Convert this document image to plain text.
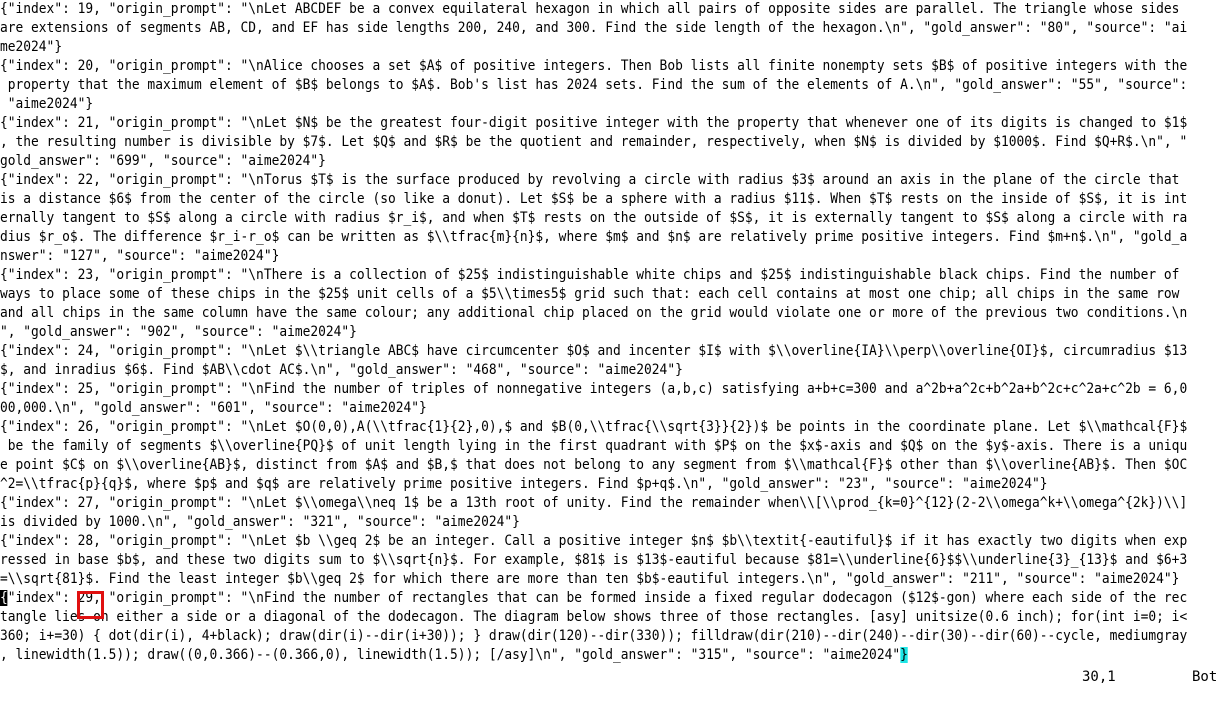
{"index": 19, "origin_prompt": "\nLet ABCDEF be a convex equilateral hexagon in which all pairs of opposite sides are parallel. The triangle whose sides
are extensions of segments AB, CD, and EF has side lengths 200, 240, and 300. Find the side length of the hexagon.\n", "gold_answer": "80", "source": "ai
me2024"}
{"index": 20, "origin_prompt": "\nAlice chooses a set $A$ of positive integers. Then Bob lists all finite nonempty sets $B$ of positive integers with the
property that the maximum element of $B$ belongs to $A$. Bob's list has 2024 sets. Find the sum of the elements of A.\n", "gold_answer": "55", "source":
"aime2024"}
{"index": 21, "origin_prompt": "\nLet $N$ be the greatest four-digit positive integer with the property that whenever one of its digits is changed to $1$
, the resulting number is divisible by $7$. Let $Q$ and $R$ be the quotient and remainder, respectively, when $N$ is divided by $1000$. Find $Q+R$.\n", "
gold_answer": "699", "source": "aime2024"}
{"index": 22, "origin_prompt": "\nTorus $T$ is the surface produced by revolving a circle with radius $3$ around an axis in the plane of the circle that
is a distance $6$ from the center of the circle (so like a donut). Let $S$ be a sphere with a radius $11$. When $T$ rests on the inside of $S$, it is int
ernally tangent to $S$ along a circle with radius $r_i$, and when $T$ rests on the outside of $S$, it is externally tangent to $S$ along a circle with ra
dius $r_o$. The difference $r_i-r_o$ can be written as $\\tfrac{m}{n}$, where $m$ and $n$ are relatively prime positive integers. Find $m+n$.\n", "gold_a
nswer": "127", "source": "aime2024"}
{"index": 23, "origin_prompt": "\nThere is a collection of $25$ indistinguishable white chips and $25$ indistinguishable black chips. Find the number of
ways to place some of these chips in the $25$ unit cells of a $5\\times5$ grid such that: each cell contains at most one chip; all chips in the same row
and all chips in the same column have the same colour; any additional chip placed on the grid would violate one or more of the previous two conditions.\n
", "gold_answer": "902", "source": "aime2024"}
{"index": 24, "origin_prompt": "\nLet $\\triangle ABC$ have circumcenter $O$ and incenter $I$ with $\\overline{IA}\\perp\\overline{OI}$, circumradius $13
$, and inradius $6$. Find $AB\\cdot AC$.\n", "gold_answer": "468", "source": "aime2024"}
{"index": 25, "origin_prompt": "\nFind the number of triples of nonnegative integers (a,b,c) satisfying a+b+c=300 and a^2b+a^2c+b^2a+b^2c+c^2a+c^2b = 6,0
00,000.\n", "gold_answer": "601", "source": "aime2024"}
{"index": 26, "origin_prompt": "\nLet $O(0,0),A(\\tfrac{1}{2},0),$ and $B(0,\\tfrac{\\sqrt{3}}{2})$ be points in the coordinate plane. Let $\\mathcal{F}$
be the family of segments $\\overline{PQ}$ of unit length lying in the first quadrant with $P$ on the $x$-axis and $Q$ on the $y$-axis. There is a uniqu
e point $C$ on $\\overline{AB}$, distinct from $A$ and $B,$ that does not belong to any segment from $\\mathcal{F}$ other than $\\overline{AB}$. Then $OC
^2=\\tfrac{p}{q}$, where $p$ and $q$ are relatively prime positive integers. Find $p+q$.\n", "gold_answer": "23", "source": "aime2024"}
{"index": 27, "origin_prompt": "\nLet $\\omega\\neq 1$ be a 13th root of unity. Find the remainder when\\[\\prod_{k=0}^{12}(2-2\\omega^k+\\omega^{2k})\\]
is divided by 1000.\n", "gold_answer": "321", "source": "aime2024"}
{"index": 28, "origin_prompt": "\nLet $b \\geq 2$ be an integer. Call a positive integer $n$ $b\\textit{-eautiful}$ if it has exactly two digits when exp
ressed in base $b$, and these two digits sum to $\\sqrt{n}$. For example, $81$ is $13$-eautiful because $81=\\underline{6}$$\\underline{3}_{13}$ and $6+3
=\\sqrt{81}$. Find the least integer $b\\geq 2$ for which there are more than ten $b$-eautiful integers.\n", "gold_answer": "211", "source": "aime2024"}
{"index": 29, "origin_prompt": "\nFind the number of rectangles that can be formed inside a fixed regular dodecagon ($12$-gon) where each side of the rec
tangle lies on either a side or a diagonal of the dodecagon. The diagram below shows three of those rectangles. [asy] unitsize(0.6 inch); for(int i=0; i<
360; i+=30) { dot(dir(i), 4+black); draw(dir(i)--dir(i+30)); } draw(dir(120)--dir(330)); filldraw(dir(210)--dir(240)--dir(30)--dir(60)--cycle, mediumgray
, linewidth(1.5)); draw((0,0.366)--(0.366,0), linewidth(1.5)); [/asy]\n", "gold_answer": "315", "source": "aime2024"}

30,1

	Bot
